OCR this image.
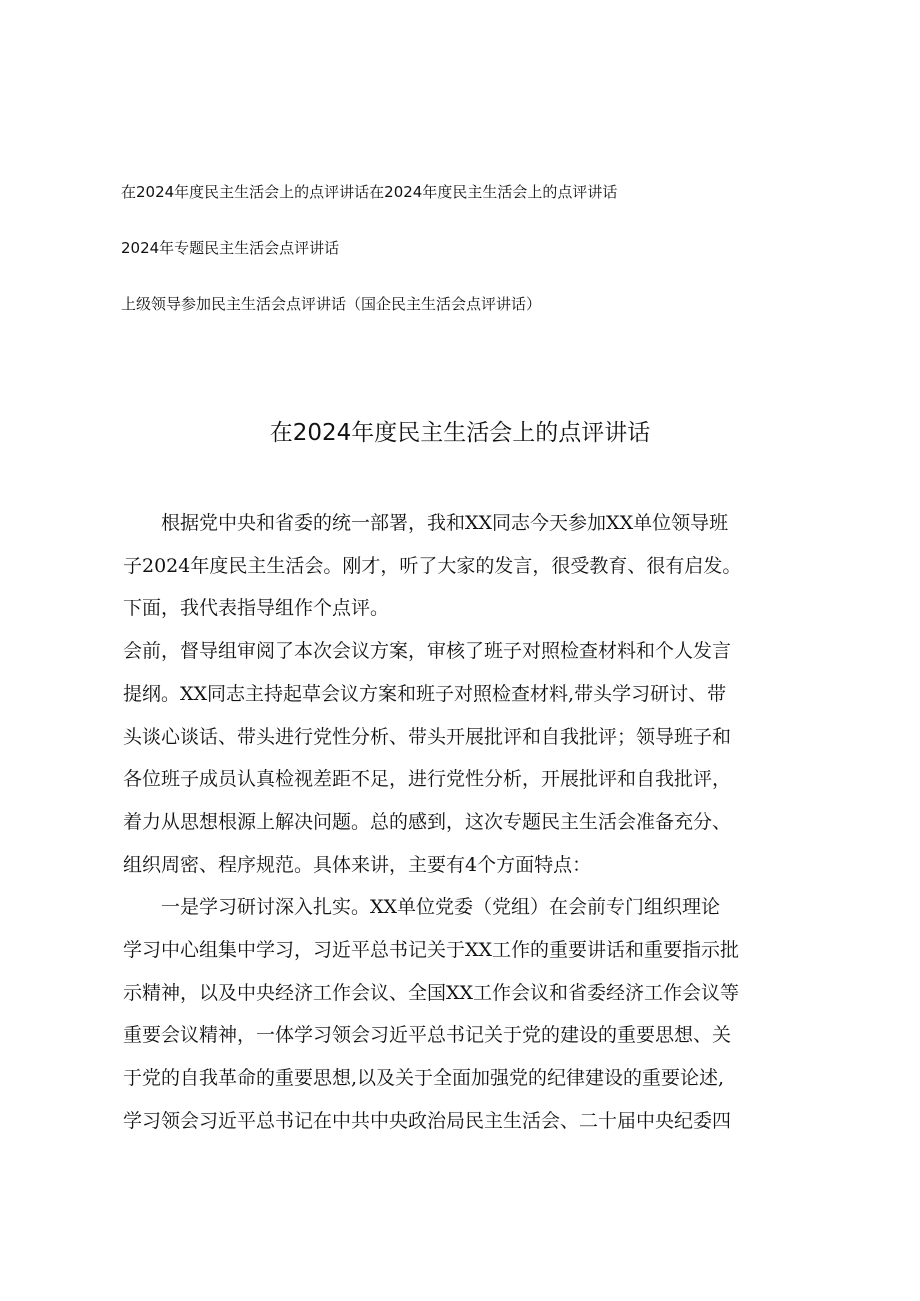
在2024年度民主生活会上的点评讲话在2024年度民主生活会上的点评讲话

2024年专题民主生活会点评讲话

上级领导参加民主生活会点评讲话（国企民主生活会点评讲话）

在2024年度民主生活会上的点评讲话

根据党中央和省委的统一部署，我和XX同志今天参加XX单位领导班
子2024年度民主生活会。刚才，听了大家的发言，很受教育、很有启发。
下面，我代表指导组作个点评。

会前，督导组审阅了本次会议方案，审核了班子对照检查材料和个人发言
提纲。XX同志主持起草会议方案和班子对照检查材料,带头学习研讨、带
头谈心谈话、带头进行党性分析、带头开展批评和自我批评；领导班子和
各位班子成员认真检视差距不足，进行党性分析，开展批评和自我批评，
着力从思想根源上解决问题。总的感到，这次专题民主生活会准备充分、
组织周密、程序规范。具体来讲，主要有4个方面特点：

一是学习研讨深入扎实。XX单位党委（党组）在会前专门组织理论
学习中心组集中学习，习近平总书记关于XX工作的重要讲话和重要指示批
示精神，以及中央经济工作会议、全国XX工作会议和省委经济工作会议等
重要会议精神，一体学习领会习近平总书记关于党的建设的重要思想、关
于党的自我革命的重要思想,以及关于全面加强党的纪律建设的重要论述,
学习领会习近平总书记在中共中央政治局民主生活会、二十届中央纪委四
